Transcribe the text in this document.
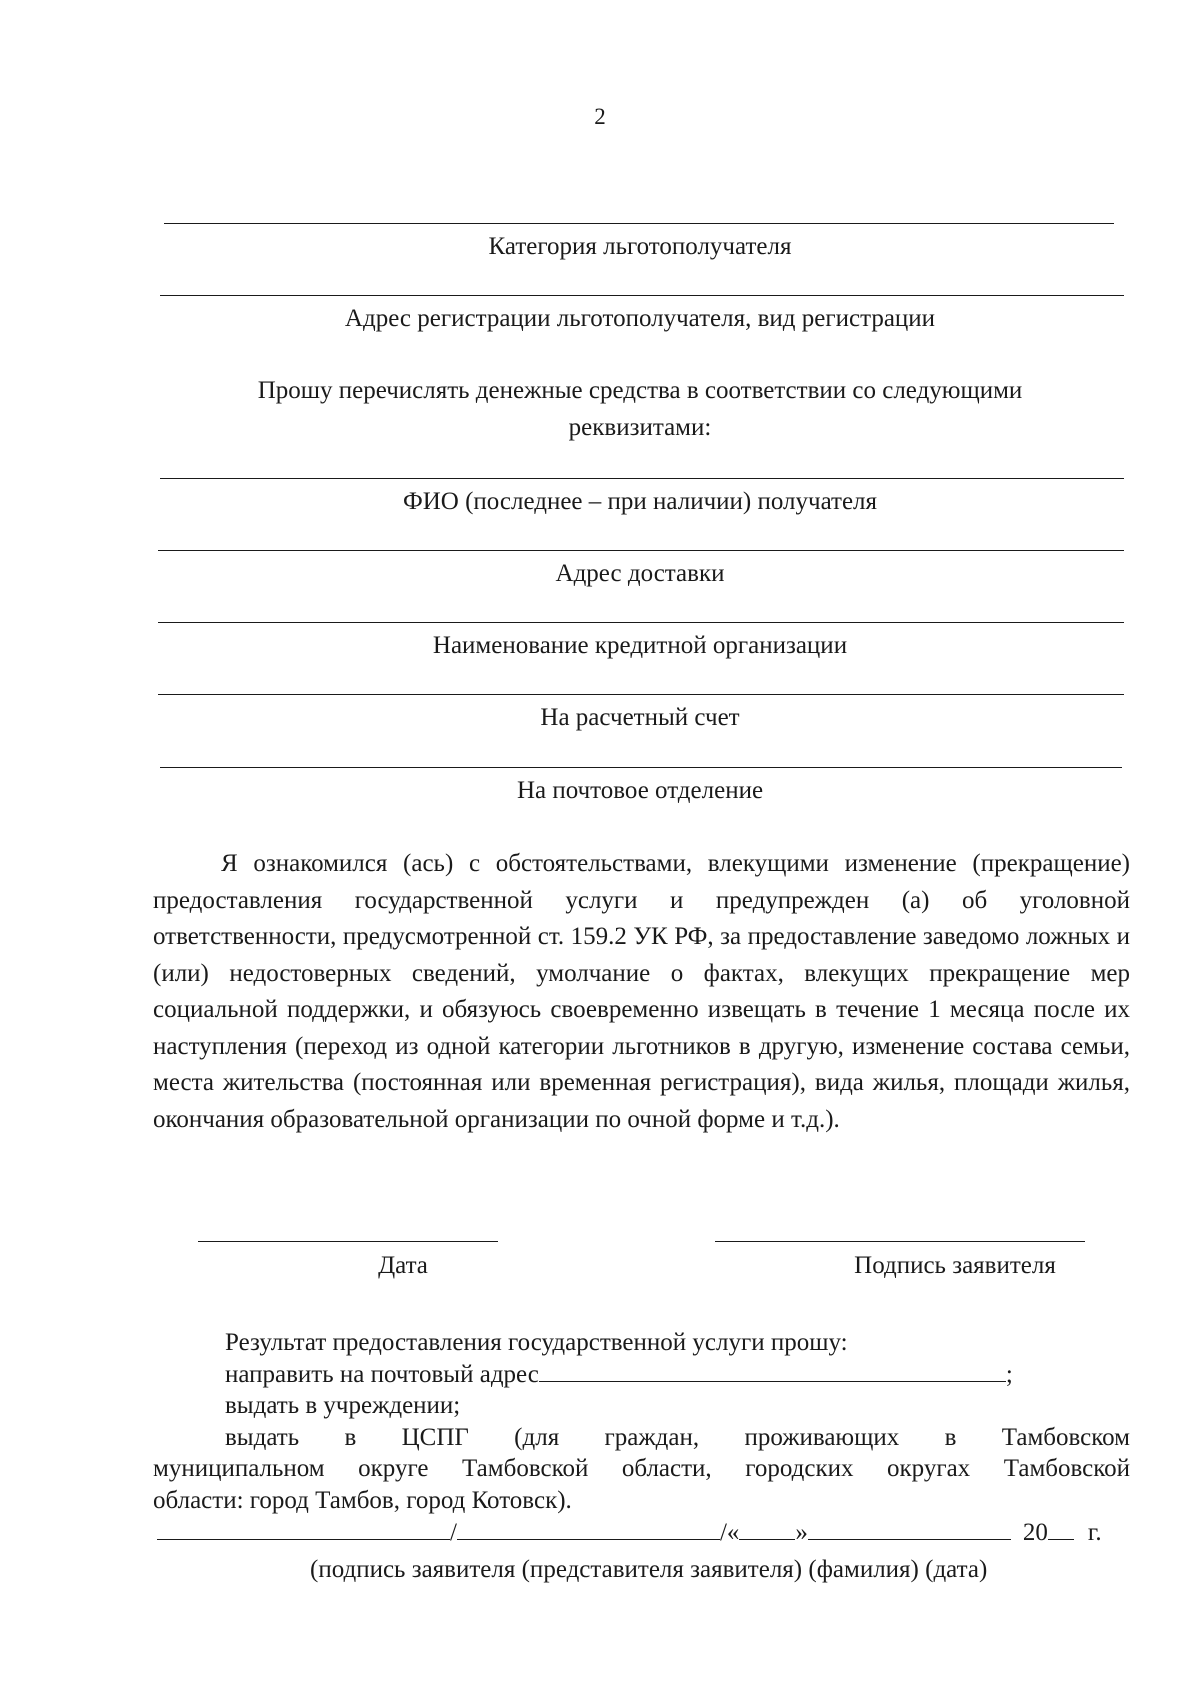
2
Категория льготополучателя
Адрес регистрации льготополучателя, вид регистрации
Прошу перечислять денежные средства в соответствии со следующими
реквизитами:
ФИО (последнее – при наличии) получателя
Адрес доставки
Наименование кредитной организации
На расчетный счет
На почтовое отделение
Я ознакомился (ась) с обстоятельствами, влекущими изменение (прекращение) предоставления государственной услуги и предупрежден (а) об уголовной ответственности, предусмотренной ст. 159.2 УК РФ, за предоставление заведомо ложных и (или) недостоверных сведений, умолчание о фактах, влекущих прекращение мер социальной поддержки, и обязуюсь своевременно извещать в течение 1 месяца после их наступления (переход из одной категории льготников в другую, изменение состава семьи, места жительства (постоянная или временная регистрация), вида жилья, площади жилья, окончания образовательной организации по очной форме и т.д.).
Дата	Подпись заявителя
Результат предоставления государственной услуги прошу:
направить на почтовый адрес	;
выдать в учреждении;
выдать в ЦСПГ (для граждан, проживающих в Тамбовском
муниципальном округе Тамбовской области, городских округах Тамбовской
области: город Тамбов, город Котовск).
/	/« »	20 г.
(подпись заявителя (представителя заявителя) (фамилия) (дата)
